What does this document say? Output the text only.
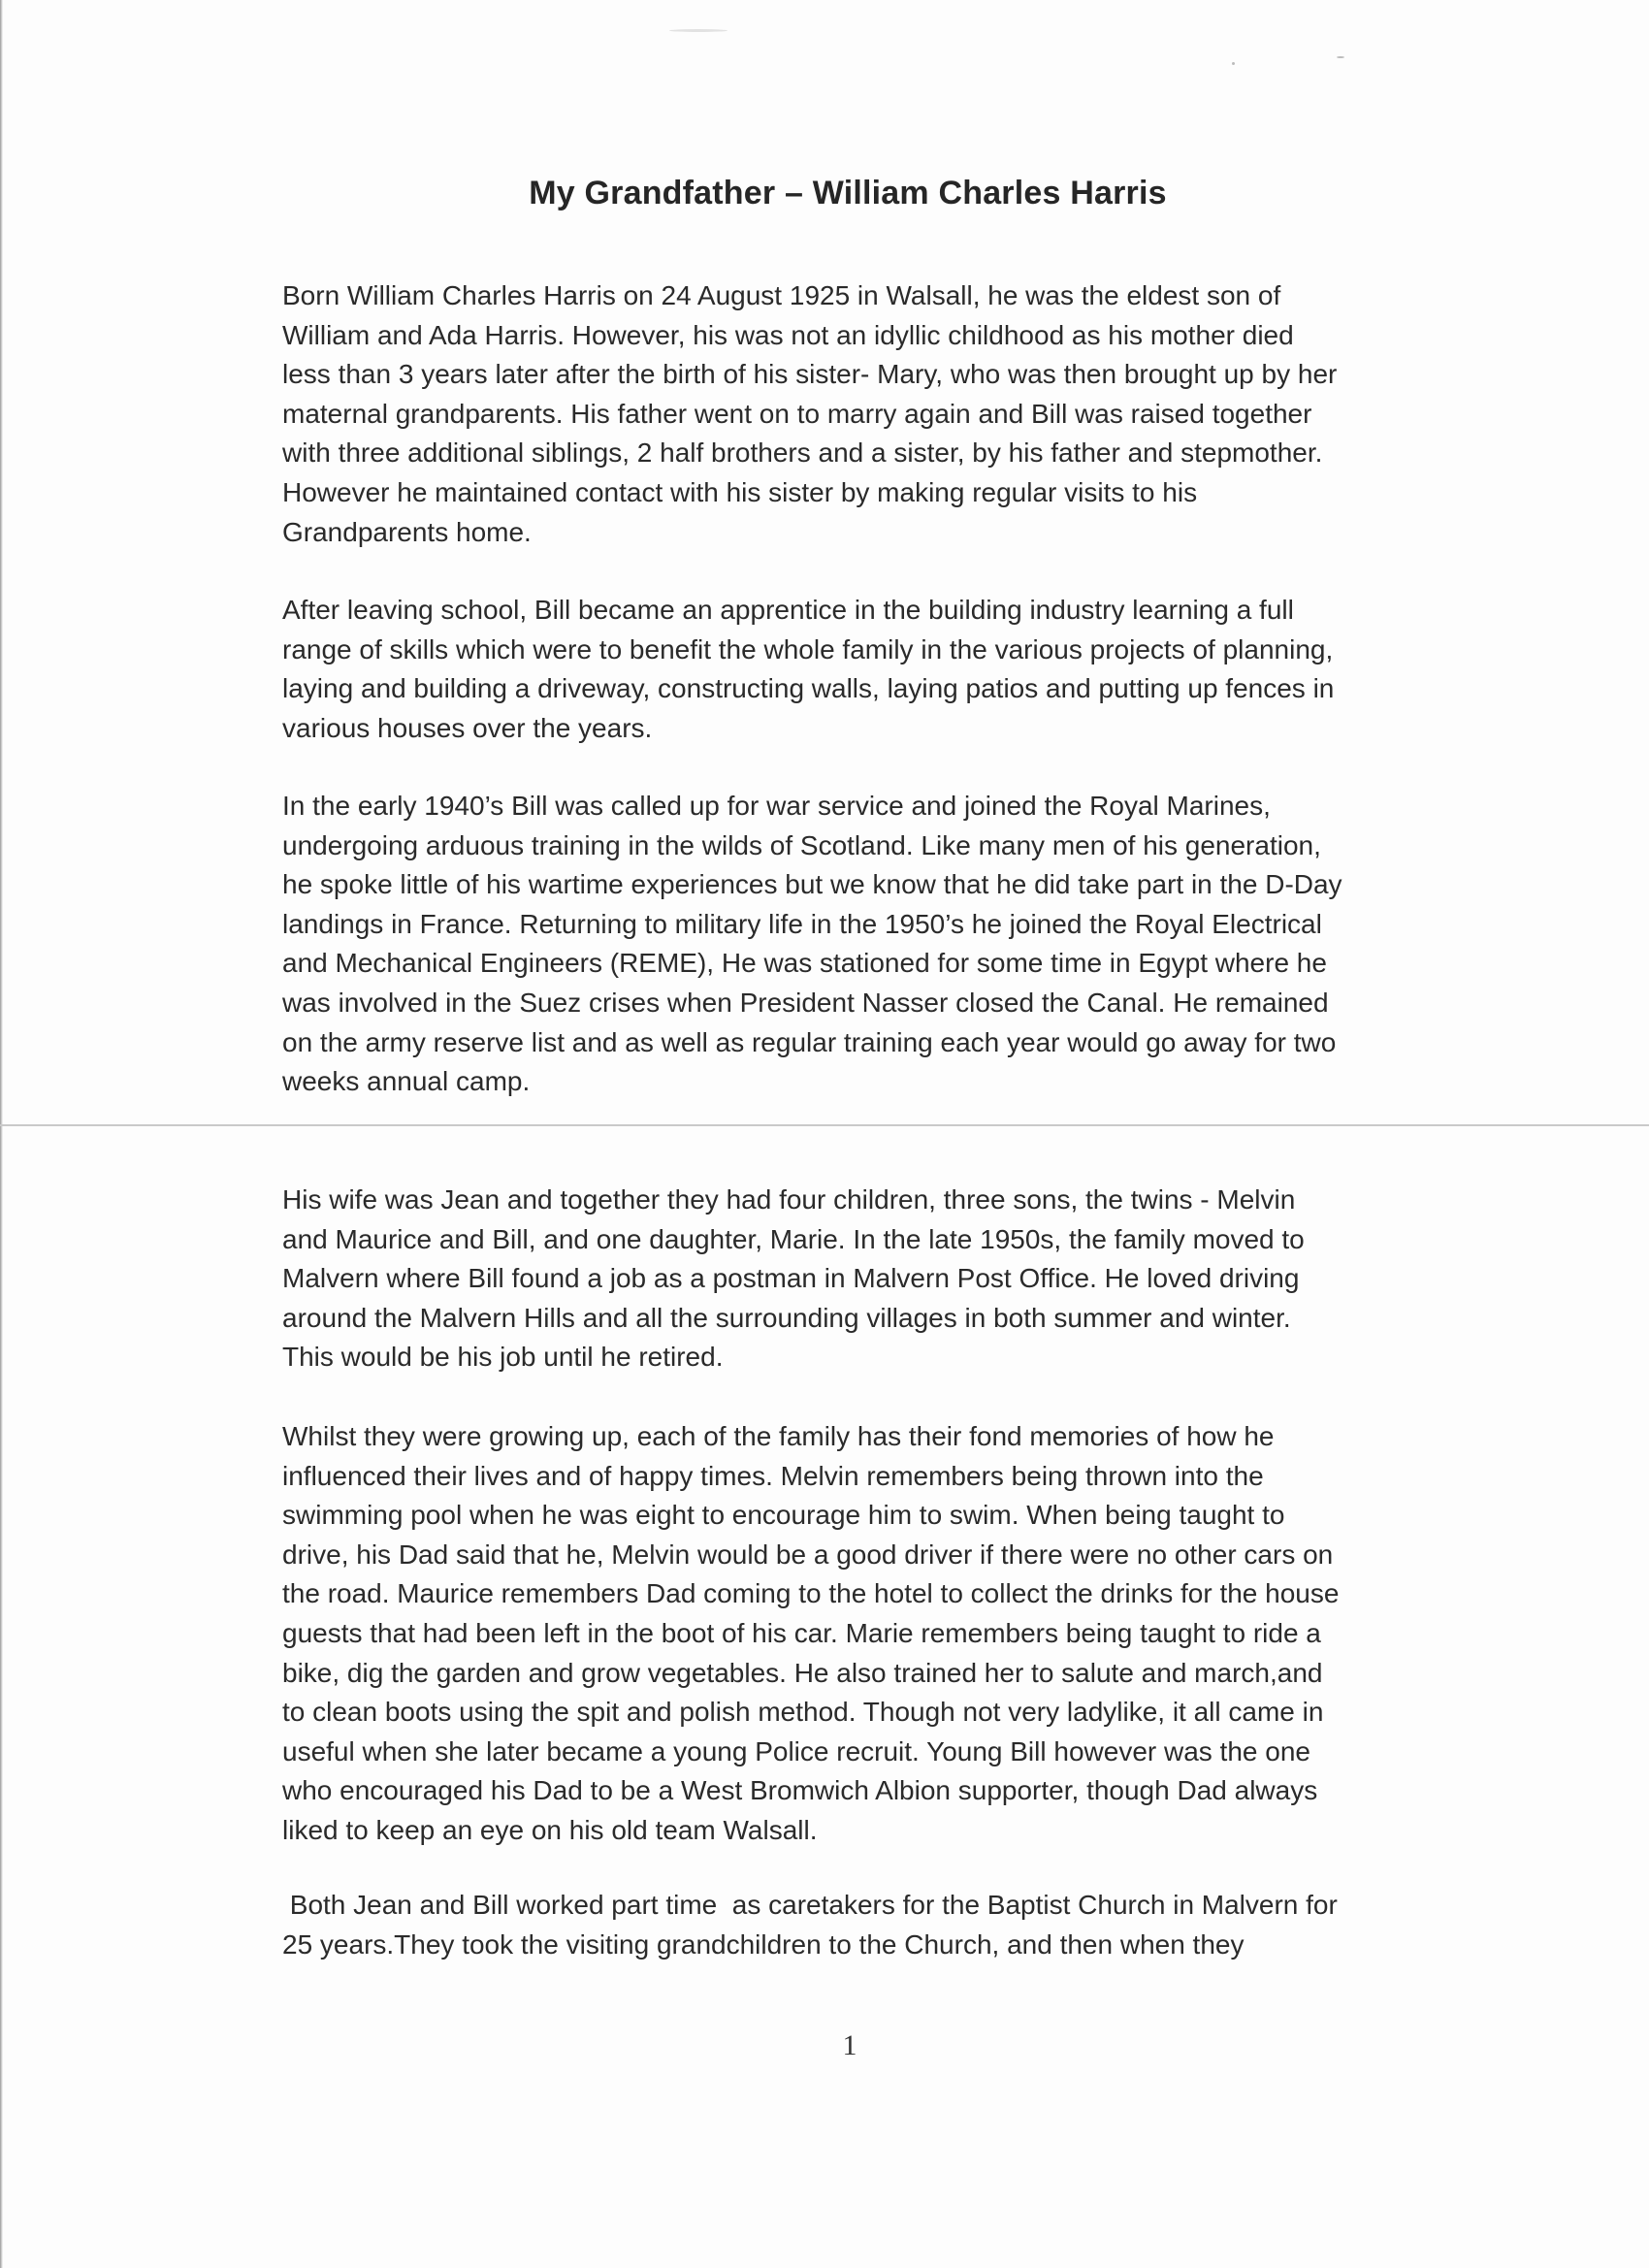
My Grandfather – William Charles Harris
Born William Charles Harris on 24 August 1925 in Walsall, he was the eldest son of
William and Ada Harris. However, his was not an idyllic childhood as his mother died
less than 3 years later after the birth of his sister- Mary, who was then brought up by her
maternal grandparents. His father went on to marry again and Bill was raised together
with three additional siblings, 2 half brothers and a sister, by his father and stepmother.
However he maintained contact with his sister by making regular visits to his
Grandparents home.
After leaving school, Bill became an apprentice in the building industry learning a full
range of skills which were to benefit the whole family in the various projects of planning,
laying and building a driveway, constructing walls, laying patios and putting up fences in
various houses over the years.
In the early 1940’s Bill was called up for war service and joined the Royal Marines,
undergoing arduous training in the wilds of Scotland. Like many men of his generation,
he spoke little of his wartime experiences but we know that he did take part in the D-Day
landings in France. Returning to military life in the 1950’s he joined the Royal Electrical
and Mechanical Engineers (REME), He was stationed for some time in Egypt where he
was involved in the Suez crises when President Nasser closed the Canal. He remained
on the army reserve list and as well as regular training each year would go away for two
weeks annual camp.
His wife was Jean and together they had four children, three sons, the twins - Melvin
and Maurice and Bill, and one daughter, Marie. In the late 1950s, the family moved to
Malvern where Bill found a job as a postman in Malvern Post Office. He loved driving
around the Malvern Hills and all the surrounding villages in both summer and winter.
This would be his job until he retired.
Whilst they were growing up, each of the family has their fond memories of how he
influenced their lives and of happy times. Melvin remembers being thrown into the
swimming pool when he was eight to encourage him to swim. When being taught to
drive, his Dad said that he, Melvin would be a good driver if there were no other cars on
the road. Maurice remembers Dad coming to the hotel to collect the drinks for the house
guests that had been left in the boot of his car. Marie remembers being taught to ride a
bike, dig the garden and grow vegetables. He also trained her to salute and march,and
to clean boots using the spit and polish method. Though not very ladylike, it all came in
useful when she later became a young Police recruit. Young Bill however was the one
who encouraged his Dad to be a West Bromwich Albion supporter, though Dad always
liked to keep an eye on his old team Walsall.
Both Jean and Bill worked part time  as caretakers for the Baptist Church in Malvern for
25 years.They took the visiting grandchildren to the Church, and then when they
1
